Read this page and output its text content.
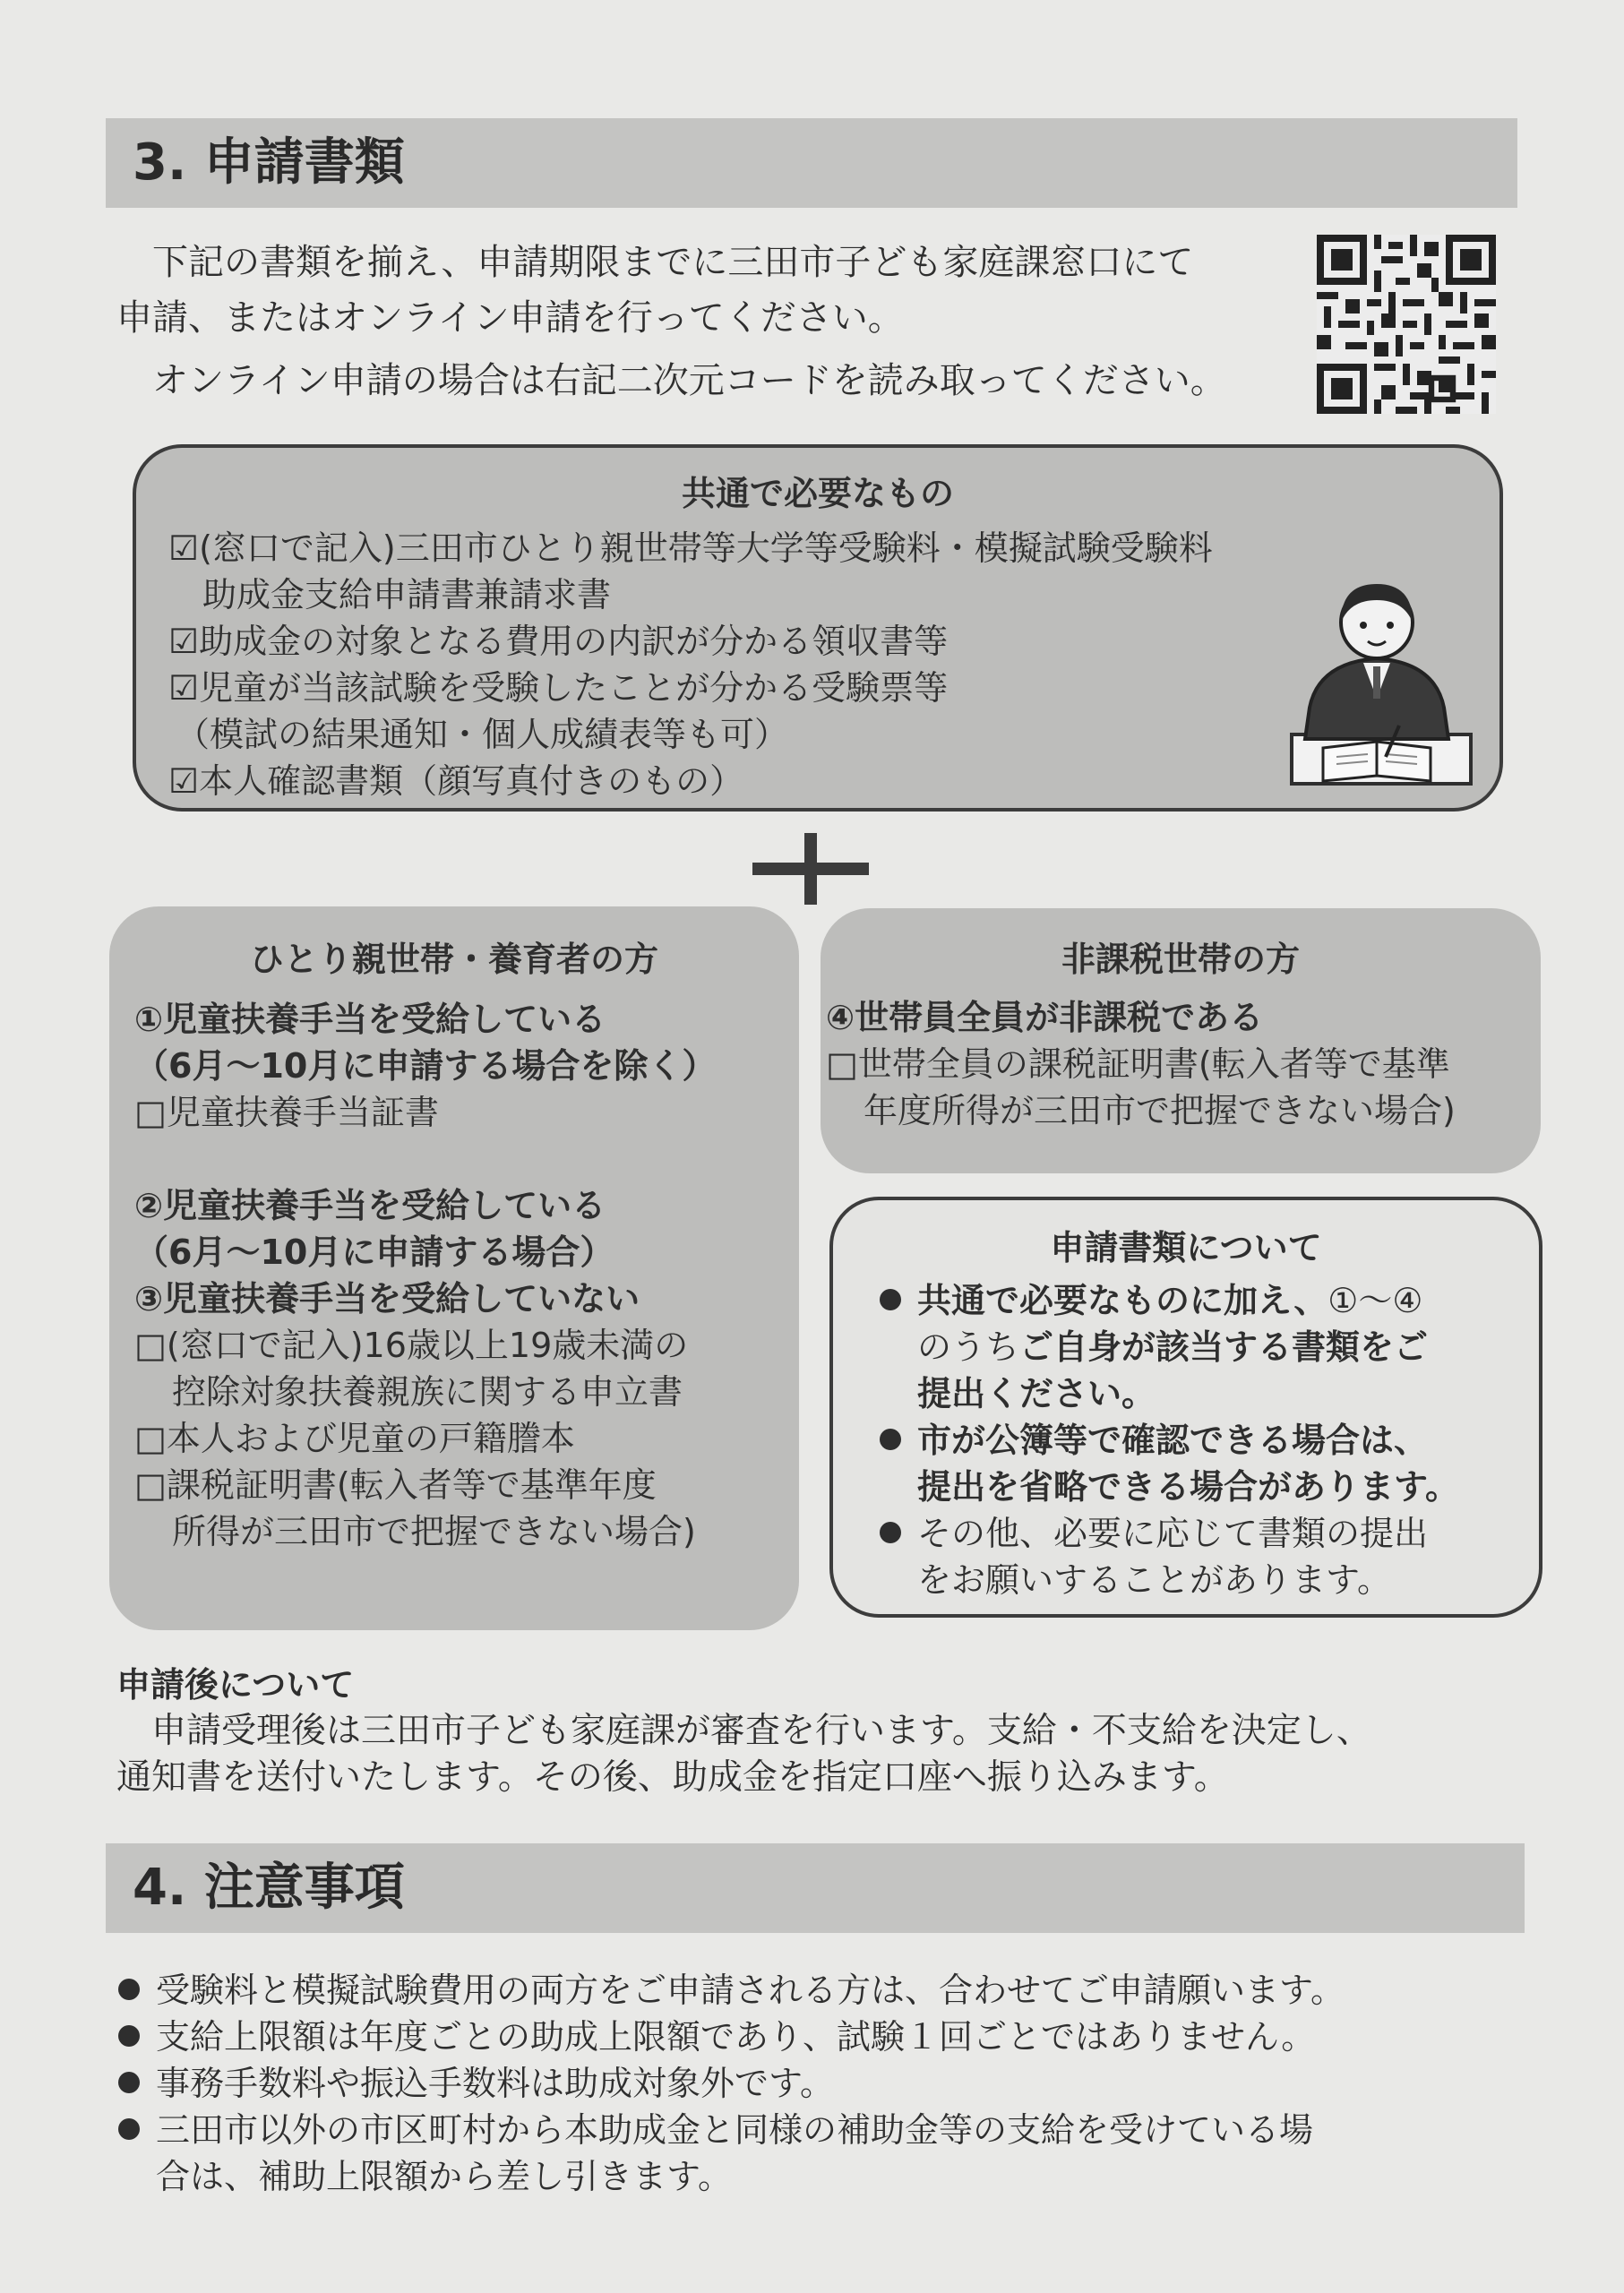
3. 申請書類

　下記の書類を揃え、申請期限までに三田市子ども家庭課窓口にて

申請、またはオンライン申請を行ってください。

　オンライン申請の場合は右記二次元コードを読み取ってください。

共通で必要なもの
☑(窓口で記入)三田市ひとり親世帯等大学等受験料・模擬試験受験料
　助成金支給申請書兼請求書
☑助成金の対象となる費用の内訳が分かる領収書等
☑児童が当該試験を受験したことが分かる受験票等
（模試の結果通知・個人成績表等も可）
☑本人確認書類（顔写真付きのもの）
ひとり親世帯・養育者の方
①児童扶養手当を受給している
（6月～10月に申請する場合を除く）
□児童扶養手当証書
②児童扶養手当を受給している
（6月～10月に申請する場合）
③児童扶養手当を受給していない
□(窓口で記入)16歳以上19歳未満の
控除対象扶養親族に関する申立書
□本人および児童の戸籍謄本
□課税証明書(転入者等で基準年度
所得が三田市で把握できない場合)
非課税世帯の方
④世帯員全員が非課税である
□世帯全員の課税証明書(転入者等で基準
年度所得が三田市で把握できない場合)
申請書類について
共通で必要なものに加え、①～④
のうちご自身が該当する書類をご
提出ください。
市が公簿等で確認できる場合は、
提出を省略できる場合があります。
その他、必要に応じて書類の提出
をお願いすることがあります。
申請後について
　申請受理後は三田市子ども家庭課が審査を行います。支給・不支給を決定し、
通知書を送付いたします。その後、助成金を指定口座へ振り込みます。
4. 注意事項
受験料と模擬試験費用の両方をご申請される方は、合わせてご申請願います。
支給上限額は年度ごとの助成上限額であり、試験１回ごとではありません。
事務手数料や振込手数料は助成対象外です。
三田市以外の市区町村から本助成金と同様の補助金等の支給を受けている場
合は、補助上限額から差し引きます。
